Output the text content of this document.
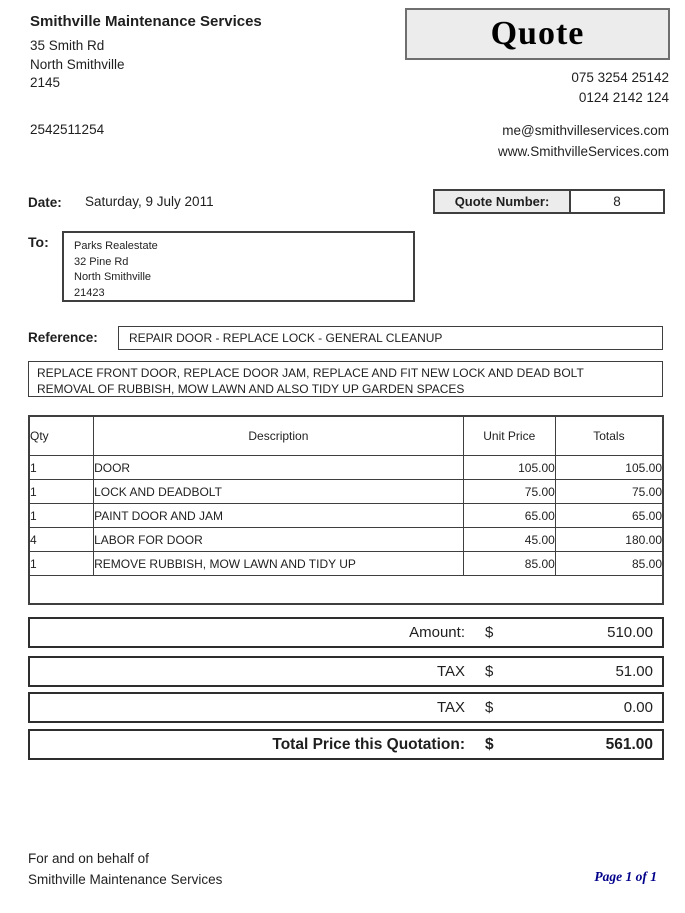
Smithville Maintenance Services
35 Smith Rd
North Smithville
2145
2542511254
Quote
075 3254 25142
0124 2142 124
me@smithvilleservices.com
www.SmithvilleServices.com
Date: Saturday, 9 July 2011	Quote Number:	8
To: Parks Realestate
32 Pine Rd
North Smithville
21423
Reference:	REPAIR DOOR - REPLACE LOCK - GENERAL CLEANUP
REPLACE FRONT DOOR, REPLACE DOOR JAM, REPLACE AND FIT NEW LOCK AND DEAD BOLT
REMOVAL OF RUBBISH, MOW LAWN AND ALSO TIDY UP GARDEN SPACES
Qty	Description	Unit Price	Totals
1	DOOR	105.00	105.00
1	LOCK AND DEADBOLT	75.00	75.00
1	PAINT DOOR AND JAM	65.00	65.00
4	LABOR FOR DOOR	45.00	180.00
1	REMOVE RUBBISH, MOW LAWN AND TIDY UP	85.00	85.00

Amount:	$	510.00
TAX	$	51.00
TAX	$	0.00
Total Price this Quotation:	$	561.00
For and on behalf of
Smithville Maintenance Services	Page 1 of 1
